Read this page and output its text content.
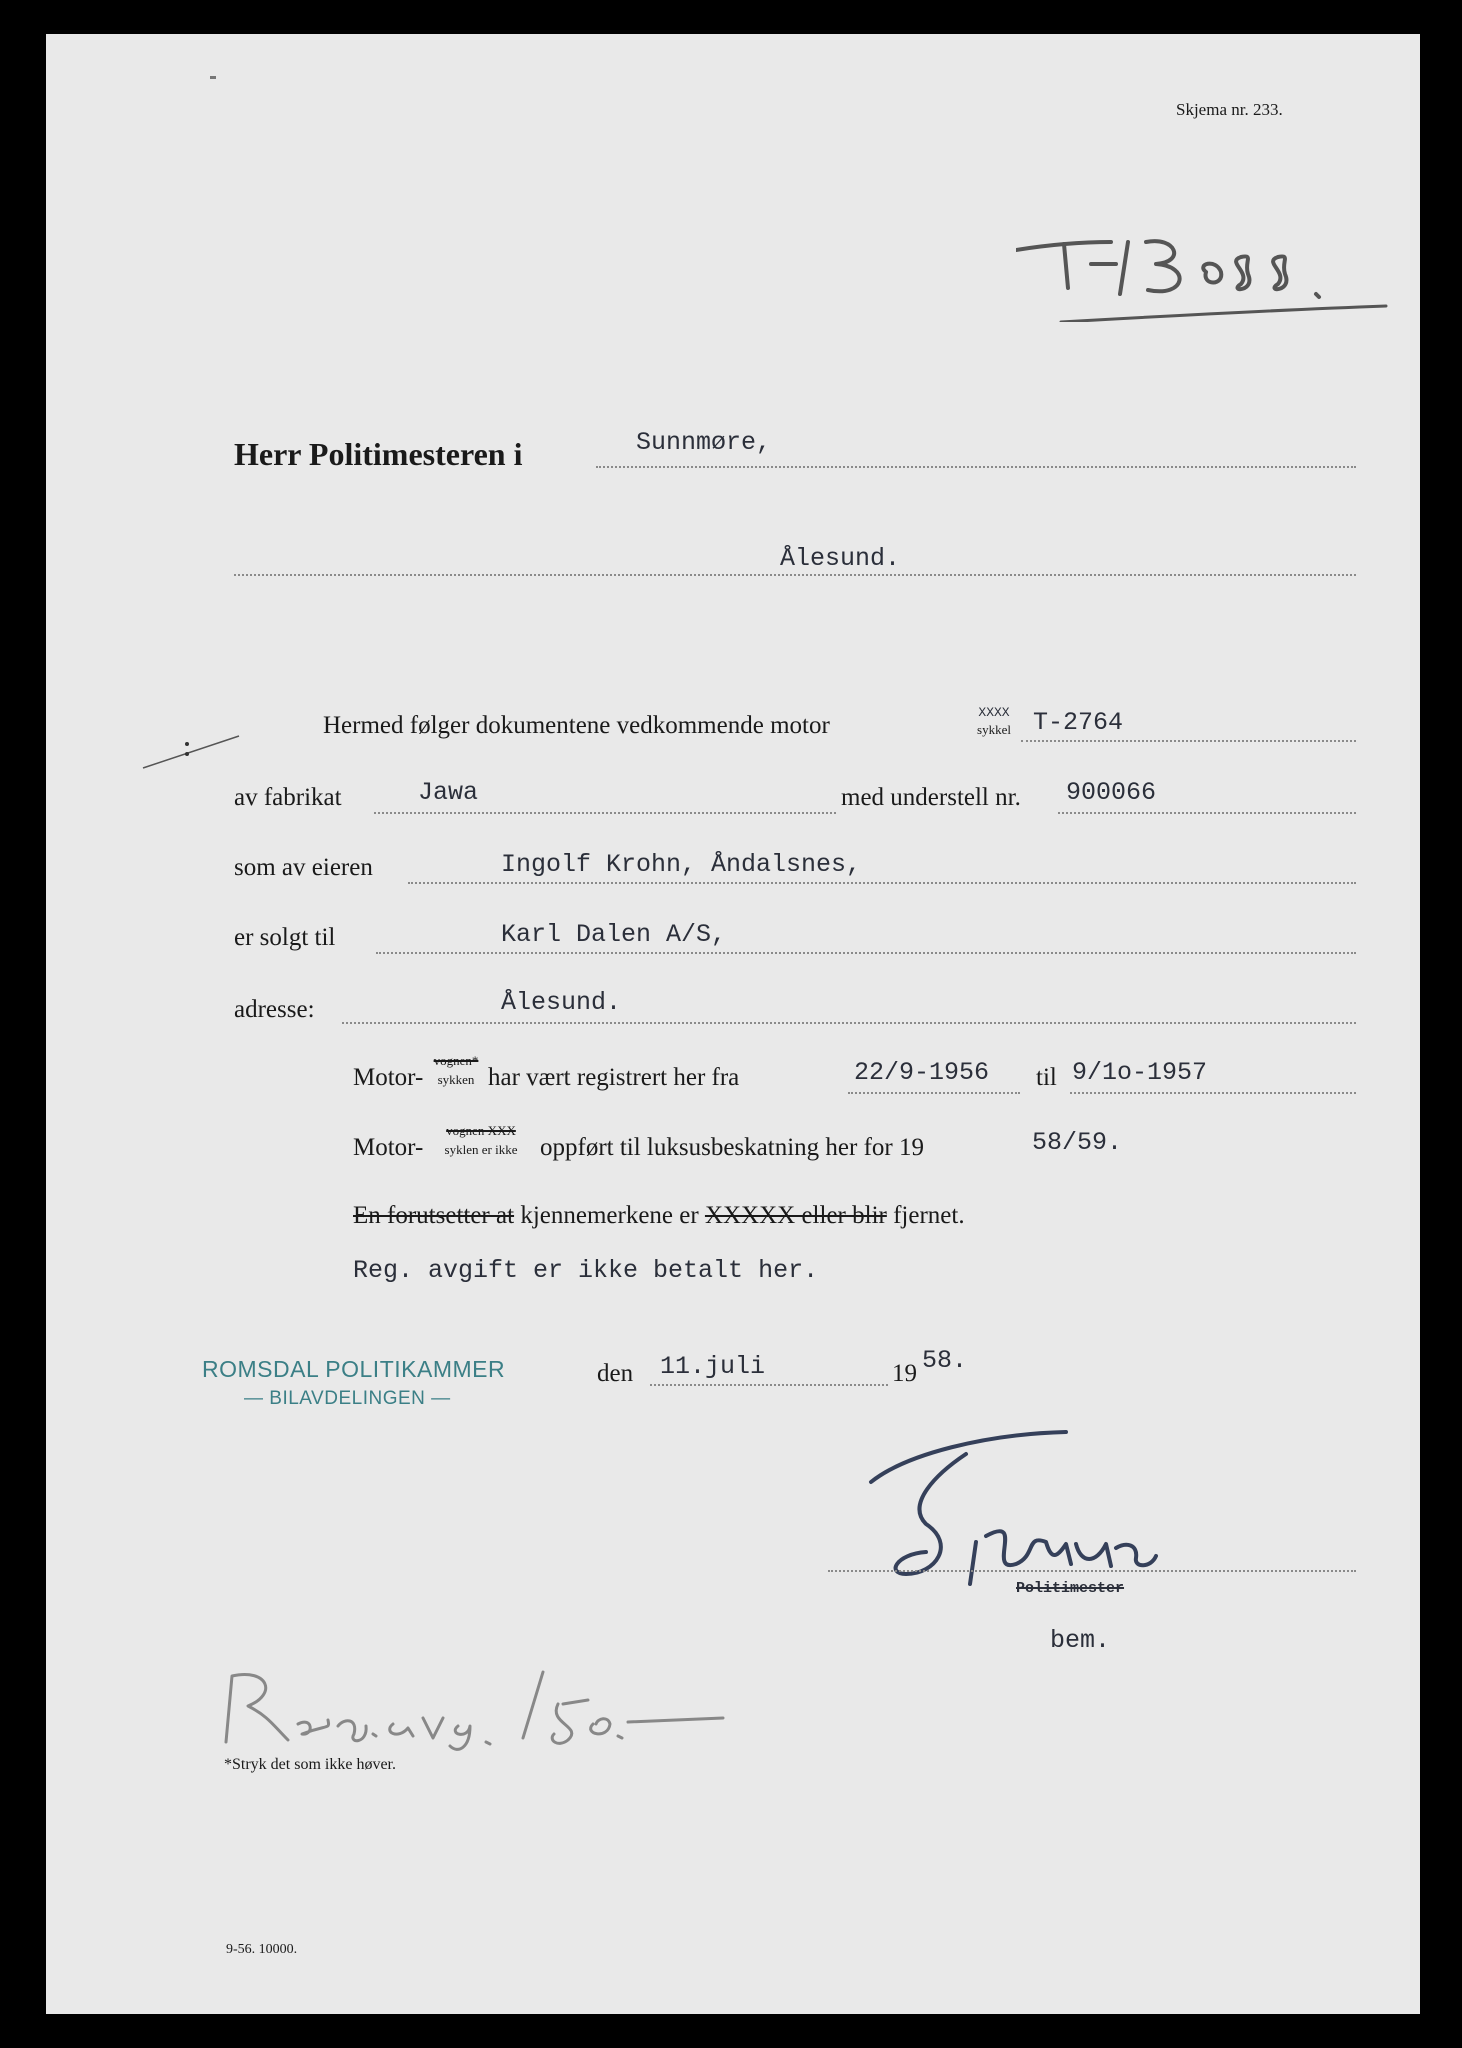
Skjema nr. 233.
Herr Politimesteren i	Sunnmøre,
Ålesund.
Hermed følger dokumentene vedkommende motor	XXXX
sykkel T-2764
av fabrikat	Jawa	med understell nr. 900066
som av eieren	Ingolf Krohn, Åndalsnes,
er solgt til	Karl Dalen A/S,
adresse:	Ålesund.
Motor-
vognen*
sykken har vært registrert her fra	22/9-1956 til 9/1o-1957
Motor-
vognen XXX
syklen er ikke oppført til luksusbeskatning her for 19	58/59.
En forutsetter at kjennemerkene er XXXXX eller blir fjernet.
Reg. avgift er ikke betalt her.
ROMSDAL POLITIKAMMER
— BILAVDELINGEN —
den 11.juli	19 58.
Politimester
bem.
*Stryk det som ikke høver.
9-56. 10000.
